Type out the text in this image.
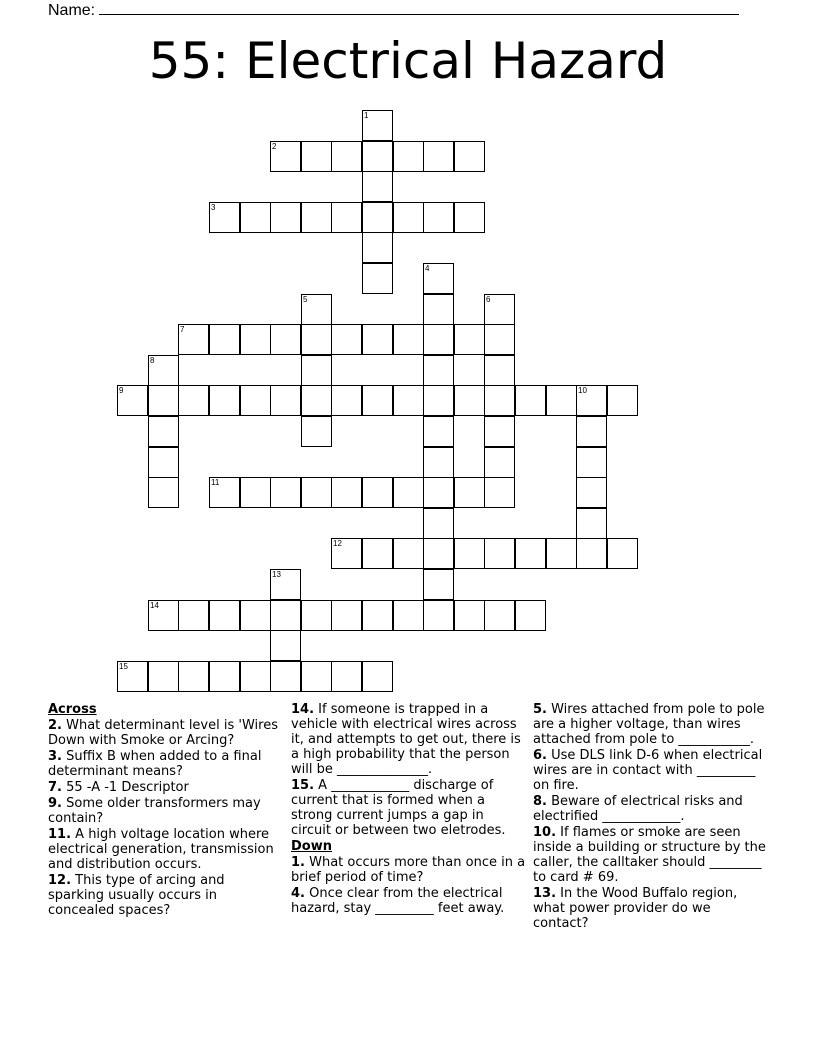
Name:
55: Electrical Hazard
1
2
3
4
5	6
7
8
9	10
11
12
13
14
15

Across

2. What determinant level is 'Wires Down with Smoke or Arcing?

3. Suffix B when added to a final determinant means?

7. 55 -A -1 Descriptor

9. Some older transformers may contain?

11. A high voltage location where electrical generation, transmission and distribution occurs.

12. This type of arcing and sparking usually occurs in concealed spaces?

14. If someone is trapped in a vehicle with electrical wires across it, and attempts to get out, there is a high probability that the person will be ______________.

15. A ____________ discharge of current that is formed when a strong current jumps a gap in circuit or between two eletrodes.

Down

1. What occurs more than once in a brief period of time?

4. Once clear from the electrical hazard, stay _________ feet away.

5. Wires attached from pole to pole are a higher voltage, than wires attached from pole to ___________.

6. Use DLS link D-6 when electrical wires are in contact with _________ on fire.

8. Beware of electrical risks and electrified ____________.

10. If flames or smoke are seen inside a building or structure by the caller, the calltaker should ________ to card # 69.

13. In the Wood Buffalo region, what power provider do we contact?
